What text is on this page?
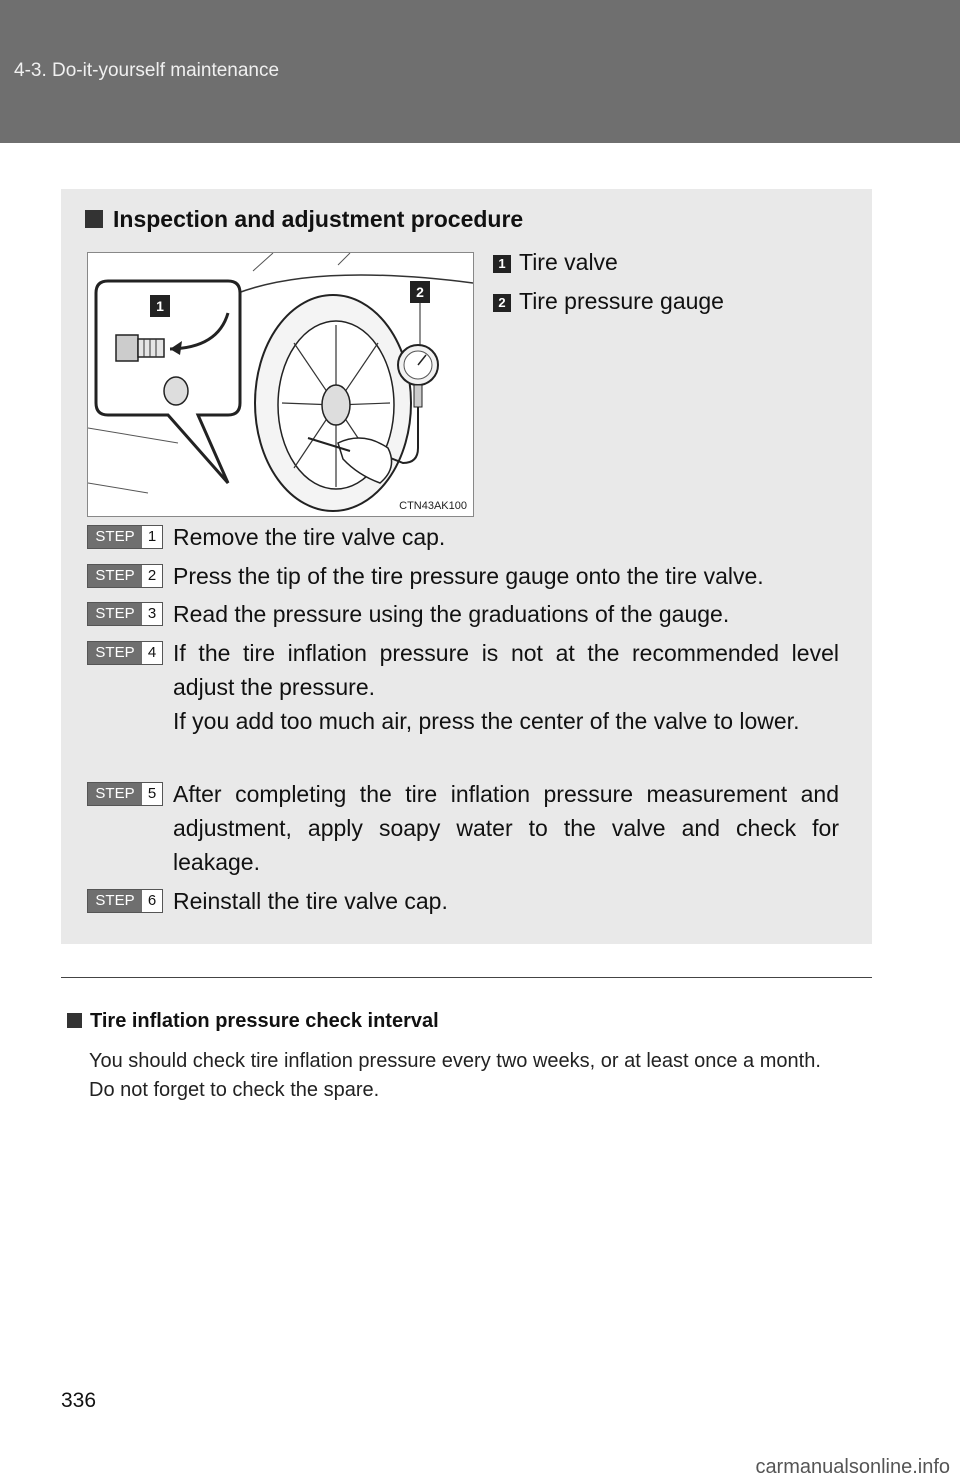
4-3. Do-it-yourself maintenance
Inspection and adjustment procedure
1
2
CTN43AK100
1 Tire valve
2 Tire pressure gauge
STEP 1 Remove the tire valve cap.
STEP 2 Press the tip of the tire pressure gauge onto the tire valve.
STEP 3 Read the pressure using the graduations of the gauge.
STEP 4 If the tire inflation pressure is not at the recommended level adjust the pressure.
If you add too much air, press the center of the valve to lower.
STEP 5 After completing the tire inflation pressure measurement and adjustment, apply soapy water to the valve and check for leakage.
STEP 6 Reinstall the tire valve cap.
Tire inflation pressure check interval
You should check tire inflation pressure every two weeks, or at least once a month.
Do not forget to check the spare.
336
carmanualsonline.info
